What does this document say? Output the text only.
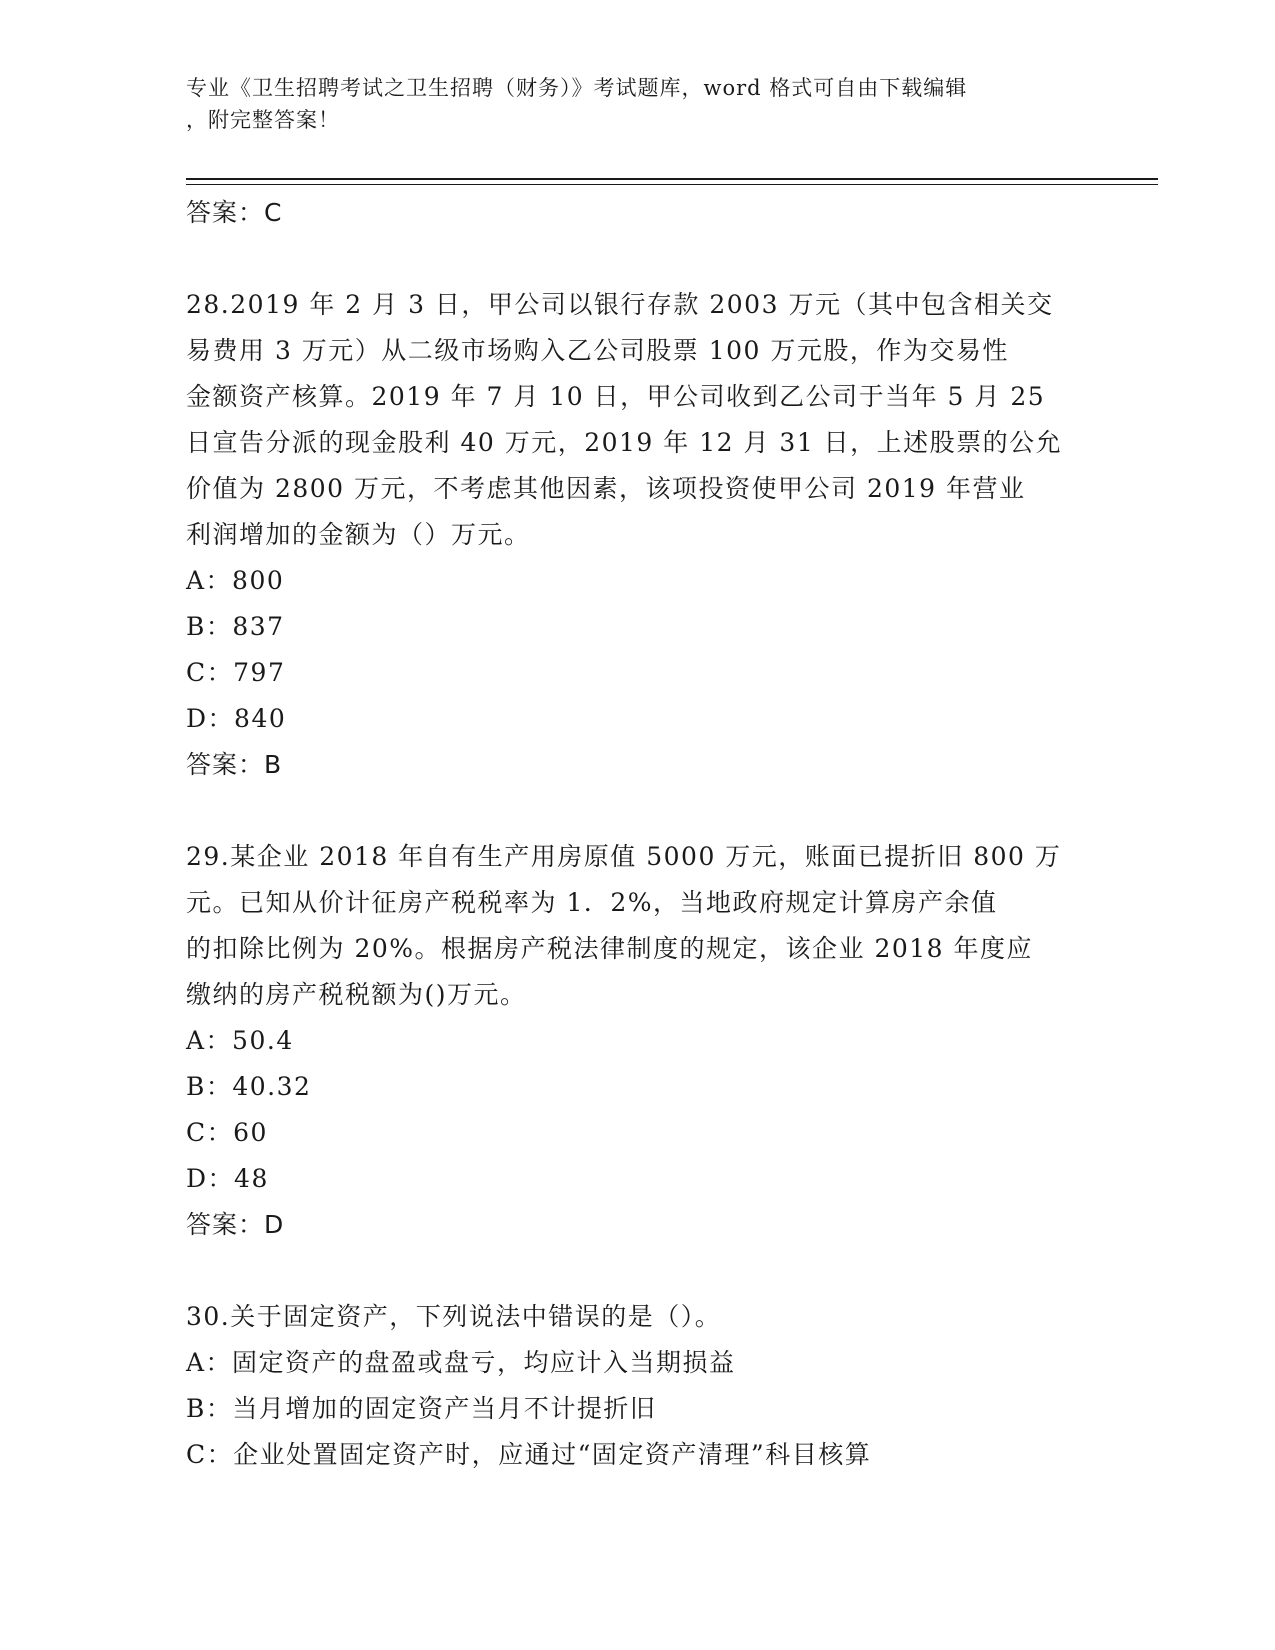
专业《卫生招聘考试之卫生招聘（财务）》考试题库，word 格式可自由下载编辑
，附完整答案！
答案：C
28.2019 年 2 月 3 日，甲公司以银行存款 2003 万元（其中包含相关交
易费用 3 万元）从二级市场购入乙公司股票 100 万元股，作为交易性
金额资产核算。2019 年 7 月 10 日，甲公司收到乙公司于当年 5 月 25
日宣告分派的现金股利 40 万元，2019 年 12 月 31 日，上述股票的公允
价值为 2800 万元，不考虑其他因素，该项投资使甲公司 2019 年营业
利润增加的金额为（）万元。
A：800
B：837
C：797
D：840
答案：B
29.某企业 2018 年自有生产用房原值 5000 万元，账面已提折旧 800 万
元。已知从价计征房产税税率为 1．2%，当地政府规定计算房产余值
的扣除比例为 20%。根据房产税法律制度的规定，该企业 2018 年度应
缴纳的房产税税额为()万元。
A：50.4
B：40.32
C：60
D：48
答案：D
30.关于固定资产，下列说法中错误的是（）。
A：固定资产的盘盈或盘亏，均应计入当期损益
B：当月增加的固定资产当月不计提折旧
C：企业处置固定资产时，应通过“固定资产清理”科目核算
